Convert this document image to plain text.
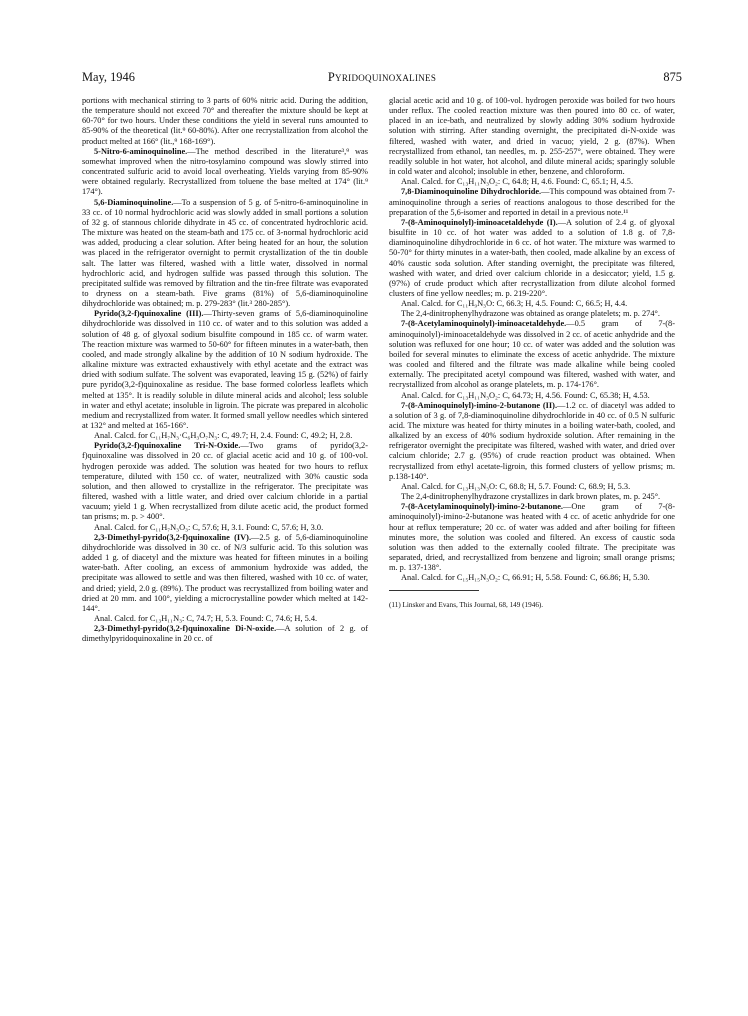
May, 1946	Pyridoquinoxalines	875

portions with mechanical stirring to 3 parts of 60% nitric acid. During the addition, the temperature should not exceed 70° and thereafter the mixture should be kept at 60-70° for two hours. Under these conditions the yield in several runs amounted to 85-90% of the theoretical (lit.⁹ 60-80%). After one recrystallization from alcohol the product melted at 166° (lit.,⁹ 168-169°).

5-Nitro-6-aminoquinoline.—The method described in the literature³,⁹ was somewhat improved when the nitro-tosylamino compound was slowly stirred into concentrated sulfuric acid to avoid local overheating. Yields varying from 85-90% were obtained regularly. Recrystallized from toluene the base melted at 174° (lit.⁹ 174°).

5,6-Diaminoquinoline.—To a suspension of 5 g. of 5-nitro-6-aminoquinoline in 33 cc. of 10 normal hydrochloric acid was slowly added in small portions a solution of 32 g. of stannous chloride dihydrate in 45 cc. of concentrated hydrochloric acid. The mixture was heated on the steam-bath and 175 cc. of 3-normal hydrochloric acid was added, producing a clear solution. After being heated for an hour, the solution was placed in the refrigerator overnight to permit crystallization of the tin double salt. The latter was filtered, washed with a little water, dissolved in normal hydrochloric acid, and hydrogen sulfide was passed through this solution. The precipitated sulfide was removed by filtration and the tin-free filtrate was evaporated to dryness on a steam-bath. Five grams (81%) of 5,6-diaminoquinoline dihydrochloride was obtained; m. p. 279-283° (lit.³ 280-285°).

Pyrido(3,2-f)quinoxaline (III).—Thirty-seven grams of 5,6-diaminoquinoline dihydrochloride was dissolved in 110 cc. of water and to this solution was added a solution of 48 g. of glyoxal sodium bisulfite compound in 185 cc. of warm water. The reaction mixture was warmed to 50-60° for fifteen minutes in a water-bath, then cooled, and made strongly alkaline by the addition of 10 N sodium hydroxide. The alkaline mixture was extracted exhaustively with ethyl acetate and the extract was dried with sodium sulfate. The solvent was evaporated, leaving 15 g. (52%) of fairly pure pyrido(3,2-f)quinoxaline as residue. The base formed colorless leaflets which melted at 135°. It is readily soluble in dilute mineral acids and alcohol; less soluble in water and ethyl acetate; insoluble in ligroin. The picrate was prepared in alcoholic medium and recrystallized from water. It formed small yellow needles which sintered at 132° and melted at 165-166°.

Anal. Calcd. for C₁₁H₇N₃·C₆H₃O₇N₃: C, 49.7; H, 2.4. Found: C, 49.2; H, 2.8.

Pyrido(3,2-f)quinoxaline Tri-N-Oxide.—Two grams of pyrido(3,2-f)quinoxaline was dissolved in 20 cc. of glacial acetic acid and 10 g. of 100-vol. hydrogen peroxide was added. The solution was heated for two hours to reflux temperature, diluted with 150 cc. of water, neutralized with 30% caustic soda solution, and then allowed to crystallize in the refrigerator. The precipitate was filtered, washed with a little water, and dried over calcium chloride in a partial vacuum; yield 1 g. When recrystallized from dilute acetic acid, the product formed tan prisms; m. p. > 400°.

Anal. Calcd. for C₁₁H₇N₃O₃: C, 57.6; H, 3.1. Found: C, 57.6; H, 3.0.

2,3-Dimethyl-pyrido(3,2-f)quinoxaline (IV).—2.5 g. of 5,6-diaminoquinoline dihydrochloride was dissolved in 30 cc. of N/3 sulfuric acid. To this solution was added 1 g. of diacetyl and the mixture was heated for fifteen minutes in a boiling water-bath. After cooling, an excess of ammonium hydroxide was added, the precipitate was allowed to settle and was then filtered, washed with 10 cc. of water, and dried; yield, 2.0 g. (89%). The product was recrystallized from boiling water and dried at 20 mm. and 100°, yielding a microcrystalline powder which melted at 142-144°.

Anal. Calcd. for C₁₃H₁₁N₃: C, 74.7; H, 5.3. Found: C, 74.6; H, 5.4.

2,3-Dimethyl-pyrido(3,2-f)quinoxaline Di-N-oxide.—A solution of 2 g. of dimethylpyridoquinoxaline in 20 cc. of

glacial acetic acid and 10 g. of 100-vol. hydrogen peroxide was boiled for two hours under reflux. The cooled reaction mixture was then poured into 80 cc. of water, placed in an ice-bath, and neutralized by slowly adding 30% sodium hydroxide solution with stirring. After standing overnight, the precipitated di-N-oxide was filtered, washed with water, and dried in vacuo; yield, 2 g. (87%). When recrystallized from ethanol, tan needles, m. p. 255-257°, were obtained. They were readily soluble in hot water, hot alcohol, and dilute mineral acids; sparingly soluble in cold water and alcohol; insoluble in ether, benzene, and chloroform.

Anal. Calcd. for C₁₃H₁₁N₃O₂: C, 64.8; H, 4.6. Found: C, 65.1; H, 4.5.

7,8-Diaminoquinoline Dihydrochloride.—This compound was obtained from 7-aminoquinoline through a series of reactions analogous to those described for the preparation of the 5,6-isomer and reported in detail in a previous note.¹¹

7-(8-Aminoquinolyl)-iminoacetaldehyde (I).—A solution of 2.4 g. of glyoxal bisulfite in 10 cc. of hot water was added to a solution of 1.8 g. of 7,8-diaminoquinoline dihydrochloride in 6 cc. of hot water. The mixture was warmed to 50-70° for thirty minutes in a water-bath, then cooled, made alkaline by an excess of 40% caustic soda solution. After standing overnight, the precipitate was filtered, washed with water, and dried over calcium chloride in a desiccator; yield, 1.5 g. (97%) of crude product which after recrystallization from dilute alcohol formed clusters of fine yellow needles; m. p. 219-220°.

Anal. Calcd. for C₁₁H₉N₃O: C, 66.3; H, 4.5. Found: C, 66.5; H, 4.4.

The 2,4-dinitrophenylhydrazone was obtained as orange platelets; m. p. 274°.

7-(8-Acetylaminoquinolyl)-iminoacetaldehyde.—0.5 gram of 7-(8-aminoquinolyl)-iminoacetaldehyde was dissolved in 2 cc. of acetic anhydride and the solution was refluxed for one hour; 10 cc. of water was added and the solution was boiled for several minutes to eliminate the excess of acetic anhydride. The mixture was cooled and filtered and the filtrate was made alkaline while being cooled externally. The precipitated acetyl compound was filtered, washed with water, and recrystallized from alcohol as orange platelets, m. p. 174-176°.

Anal. Calcd. for C₁₃H₁₁N₃O₂: C, 64.73; H, 4.56. Found: C, 65.38; H, 4.53.

7-(8-Aminoquinolyl)-imino-2-butanone (II).—1.2 cc. of diacetyl was added to a solution of 3 g. of 7,8-diaminoquinoline dihydrochloride in 40 cc. of 0.5 N sulfuric acid. The mixture was heated for thirty minutes in a boiling water-bath, cooled, and alkalized by an excess of 40% sodium hydroxide solution. After remaining in the refrigerator overnight the precipitate was filtered, washed with water, and dried over calcium chloride; 2.7 g. (95%) of crude reaction product was obtained. When recrystallized from ethyl acetate-ligroin, this formed clusters of yellow prisms; m. p.138-140°.

Anal. Calcd. for C₁₃H₁₃N₃O: C, 68.8; H, 5.7. Found: C, 68.9; H, 5.3.

The 2,4-dinitrophenylhydrazone crystallizes in dark brown plates, m. p. 245°.

7-(8-Acetylaminoquinolyl)-imino-2-butanone.—One gram of 7-(8-aminoquinolyl)-imino-2-butanone was heated with 4 cc. of acetic anhydride for one hour at reflux temperature; 20 cc. of water was added and after boiling for fifteen minutes more, the solution was cooled and filtered. An excess of caustic soda solution was then added to the externally cooled filtrate. The precipitate was separated, dried, and recrystallized from benzene and ligroin; small orange prisms; m. p. 137-138°.

Anal. Calcd. for C₁₅H₁₅N₃O₂: C, 66.91; H, 5.58. Found: C, 66.86; H, 5.30.

(11) Linsker and Evans, This Journal, 68, 149 (1946).
